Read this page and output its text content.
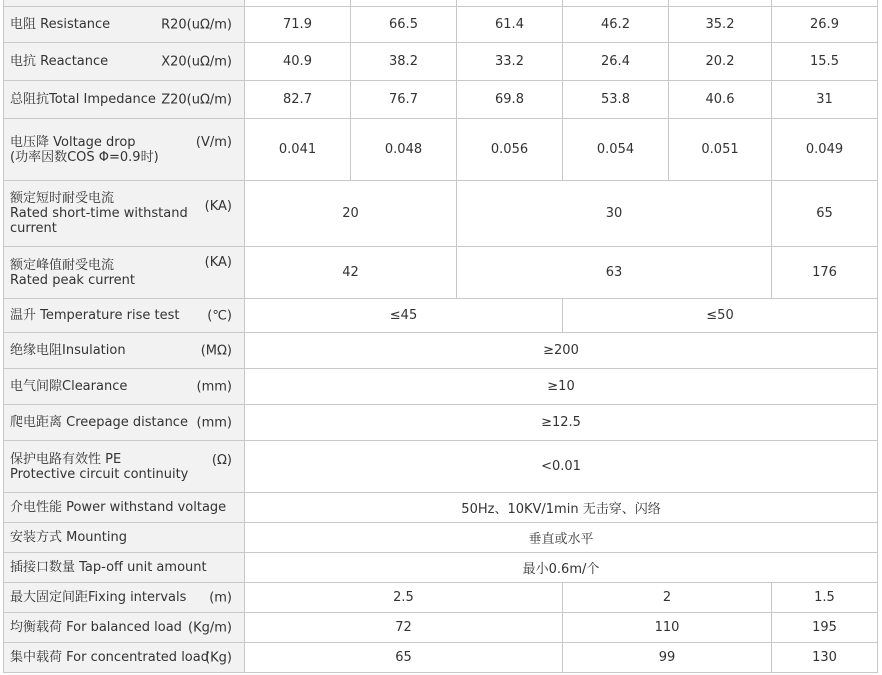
电阻 Resistance R20(uΩ/m)	71.9	66.5	61.4	46.2	35.2	26.9

电抗 Reactance X20(uΩ/m)	40.9	38.2	33.2	26.4	20.2	15.5

总阻抗Total Impedance Z20(uΩ/m)	82.7	76.7	69.8	53.8	40.6	31

电压降 Voltage drop
(功率因数COS Φ=0.9时)
(V/m)	0.041	0.048	0.056	0.054	0.051	0.049

额定短时耐受电流
Rated short-time withstand current
(KA)	20		30			65

额定峰值耐受电流
Rated peak current
(KA)	42		63			176

温升 Temperature rise test (℃)	≤45			≤50		

绝缘电阻Insulation (MΩ)	≥200					

电气间隙Clearance (mm)	≥10					

爬电距离 Creepage distance (mm)	≥12.5					

保护电路有效性 PE
Protective circuit continuity
(Ω)	<0.01					

介电性能 Power withstand voltage	50Hz、10KV/1min 无击穿、闪络					

安装方式 Mounting	垂直或水平					

插接口数量 Tap-off unit amount	最小0.6m/个					

最大固定间距Fixing intervals (m)	2.5			2		1.5

均衡载荷 For balanced load (Kg/m)	72			110		195

集中载荷 For concentrated load
(Kg)	65			99		130
